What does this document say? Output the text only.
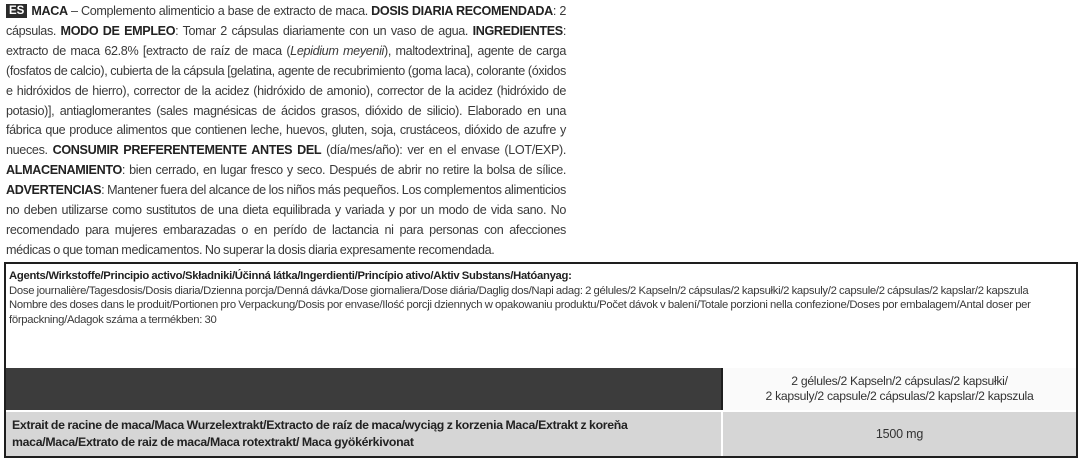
ES MACA – Complemento alimenticio a base de extracto de maca. DOSIS DIARIA RECOMENDADA: 2 cápsulas. MODO DE EMPLEO: Tomar 2 cápsulas diariamente con un vaso de agua. INGREDIENTES: extracto de maca 62.8% [extracto de raíz de maca (Lepidium meyenii), maltodextrina], agente de carga (fosfatos de calcio), cubierta de la cápsula [gelatina, agente de recubrimiento (goma laca), colorante (óxidos e hidróxidos de hierro), corrector de la acidez (hidróxido de amonio), corrector de la acidez (hidróxido de potasio)], antiaglomerantes (sales magnésicas de ácidos grasos, dióxido de silicio). Elaborado en una fábrica que produce alimentos que contienen leche, huevos, gluten, soja, crustáceos, dióxido de azufre y nueces. CONSUMIR PREFERENTEMENTE ANTES DEL (día/mes/año): ver en el envase (LOT/EXP). ALMACENAMIENTO: bien cerrado, en lugar fresco y seco. Después de abrir no retire la bolsa de sílice. ADVERTENCIAS: Mantener fuera del alcance de los niños más pequeños. Los complementos alimenticios no deben utilizarse como sustitutos de una dieta equilibrada y variada y por un modo de vida sano. No recomendado para mujeres embarazadas o en perído de lactancia ni para personas con afecciones médicas o que toman medicamentos. No superar la dosis diaria expresamente recomendada.

Agents/Wirkstoffe/Principio activo/Składniki/Účinná látka/Ingerdienti/Princípio ativo/Aktiv Substans/Hatóanyag:

Dose journalière/Tagesdosis/Dosis diaria/Dzienna porcja/Denná dávka/Dose giornaliera/Dose diária/Daglig dos/Napi adag: 2 gélules/2 Kapseln/2 cápsulas/2 kapsułki/2 kapsuly/2 capsule/2 cápsulas/2 kapslar/2 kapszula

Nombre des doses dans le produit/Portionen pro Verpackung/Dosis por envase/Ilość porcji dziennych w opakowaniu produktu/Počet dávok v balení/Totale porzioni nella confezione/Doses por embalagem/Antal doser per förpackning/Adagok száma a termékben: 30

2 gélules/2 Kapseln/2 cápsulas/2 kapsułki/
2 kapsuly/2 capsule/2 cápsulas/2 kapslar/2 kapszula
Extrait de racine de maca/Maca Wurzelextrakt/Extracto de raíz de maca/wyciąg z korzenia Maca/Extrakt z koreňa maca/Maca/Extrato de raiz de maca/Maca rotextrakt/ Maca gyökérkivonat
1500 mg
